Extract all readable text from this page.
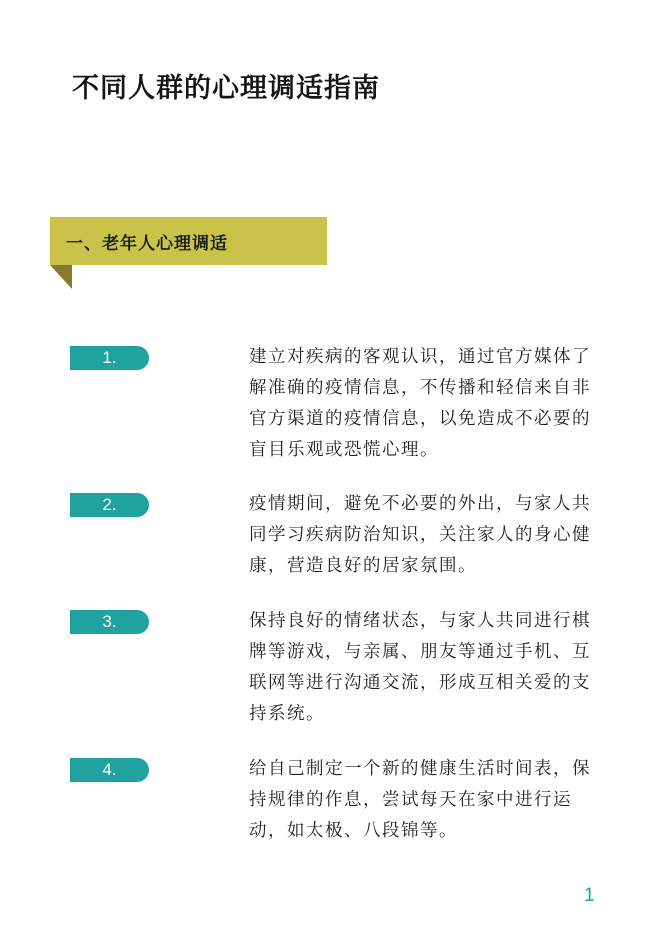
不同人群的心理调适指南
一、老年人心理调适
1.	建立对疾病的客观认识，通过官方媒体了解准确的疫情信息，不传播和轻信来自非官方渠道的疫情信息，以免造成不必要的盲目乐观或恐慌心理。
2.	疫情期间，避免不必要的外出，与家人共同学习疾病防治知识，关注家人的身心健康，营造良好的居家氛围。
3.	保持良好的情绪状态，与家人共同进行棋牌等游戏，与亲属、朋友等通过手机、互联网等进行沟通交流，形成互相关爱的支持系统。
4.	给自己制定一个新的健康生活时间表，保持规律的作息，尝试每天在家中进行运动，如太极、八段锦等。
1
